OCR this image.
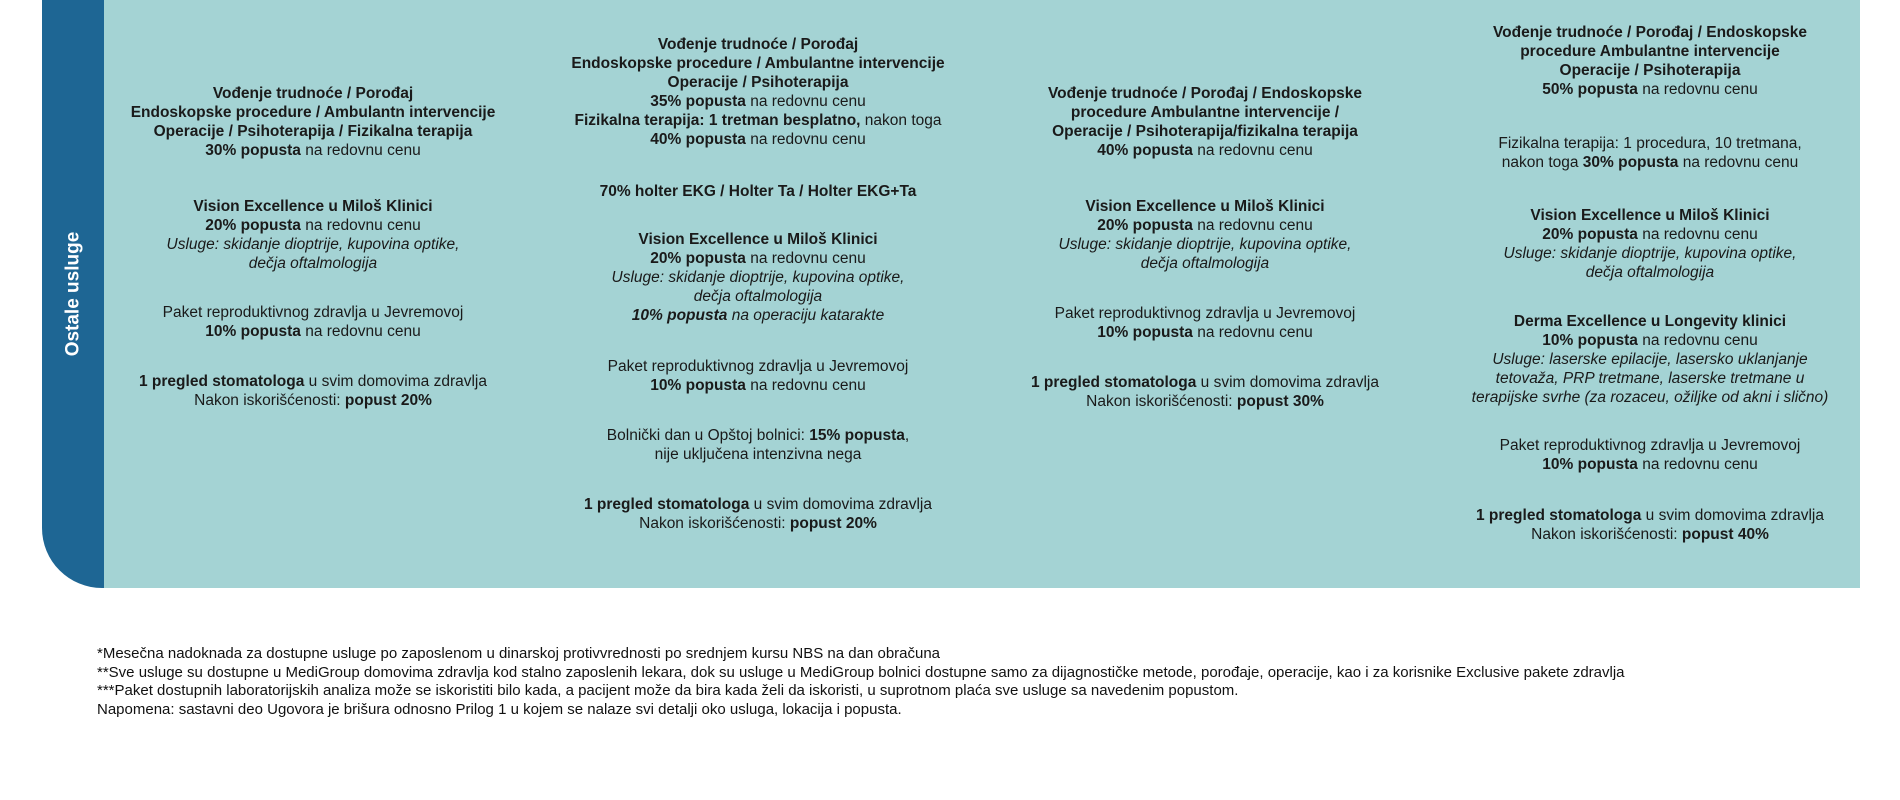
Ostale usluge

Vođenje trudnoće / Porođaj

Endoskopske procedure / Ambulantn intervencije

Operacije / Psihoterapija / Fizikalna terapija

30% popusta na redovnu cenu

Vision Excellence u Miloš Klinici

20% popusta na redovnu cenu

Usluge: skidanje dioptrije, kupovina optike,

dečja oftalmologija

Paket reproduktivnog zdravlja u Jevremovoj

10% popusta na redovnu cenu

1 pregled stomatologa u svim domovima zdravlja

Nakon iskorišćenosti: popust 20%

Vođenje trudnoće / Porođaj

Endoskopske procedure / Ambulantne intervencije

Operacije / Psihoterapija

35% popusta na redovnu cenu

Fizikalna terapija: 1 tretman besplatno, nakon toga

40% popusta na redovnu cenu

70% holter EKG / Holter Ta / Holter EKG+Ta

Vision Excellence u Miloš Klinici

20% popusta na redovnu cenu

Usluge: skidanje dioptrije, kupovina optike,

dečja oftalmologija

10% popusta na operaciju katarakte

Paket reproduktivnog zdravlja u Jevremovoj

10% popusta na redovnu cenu

Bolnički dan u Opštoj bolnici: 15% popusta,

nije uključena intenzivna nega

1 pregled stomatologa u svim domovima zdravlja

Nakon iskorišćenosti: popust 20%

Vođenje trudnoće / Porođaj / Endoskopske

procedure Ambulantne intervencije /

Operacije / Psihoterapija/fizikalna terapija

40% popusta na redovnu cenu

Vision Excellence u Miloš Klinici

20% popusta na redovnu cenu

Usluge: skidanje dioptrije, kupovina optike,

dečja oftalmologija

Paket reproduktivnog zdravlja u Jevremovoj

10% popusta na redovnu cenu

1 pregled stomatologa u svim domovima zdravlja

Nakon iskorišćenosti: popust 30%

Vođenje trudnoće / Porođaj / Endoskopske

procedure Ambulantne intervencije

Operacije / Psihoterapija

50% popusta na redovnu cenu

Fizikalna terapija: 1 procedura, 10 tretmana,

nakon toga 30% popusta na redovnu cenu

Vision Excellence u Miloš Klinici

20% popusta na redovnu cenu

Usluge: skidanje dioptrije, kupovina optike,

dečja oftalmologija

Derma Excellence u Longevity klinici

10% popusta na redovnu cenu

Usluge: laserske epilacije, lasersko uklanjanje

tetovaža, PRP tretmane, laserske tretmane u

terapijske svrhe (za rozaceu, ožiljke od akni i slično)

Paket reproduktivnog zdravlja u Jevremovoj

10% popusta na redovnu cenu

1 pregled stomatologa u svim domovima zdravlja

Nakon iskorišćenosti: popust 40%

*Mesečna nadoknada za dostupne usluge po zaposlenom u dinarskoj protivvrednosti po srednjem kursu NBS na dan obračuna

**Sve usluge su dostupne u MediGroup domovima zdravlja kod stalno zaposlenih lekara, dok su usluge u MediGroup bolnici dostupne samo za dijagnostičke metode, porođaje, operacije, kao i za korisnike Exclusive pakete zdravlja

***Paket dostupnih laboratorijskih analiza može se iskoristiti bilo kada, a pacijent može da bira kada želi da iskoristi, u suprotnom plaća sve usluge sa navedenim popustom.

Napomena: sastavni deo Ugovora je brišura odnosno Prilog 1 u kojem se nalaze svi detalji oko usluga, lokacija i popusta.
